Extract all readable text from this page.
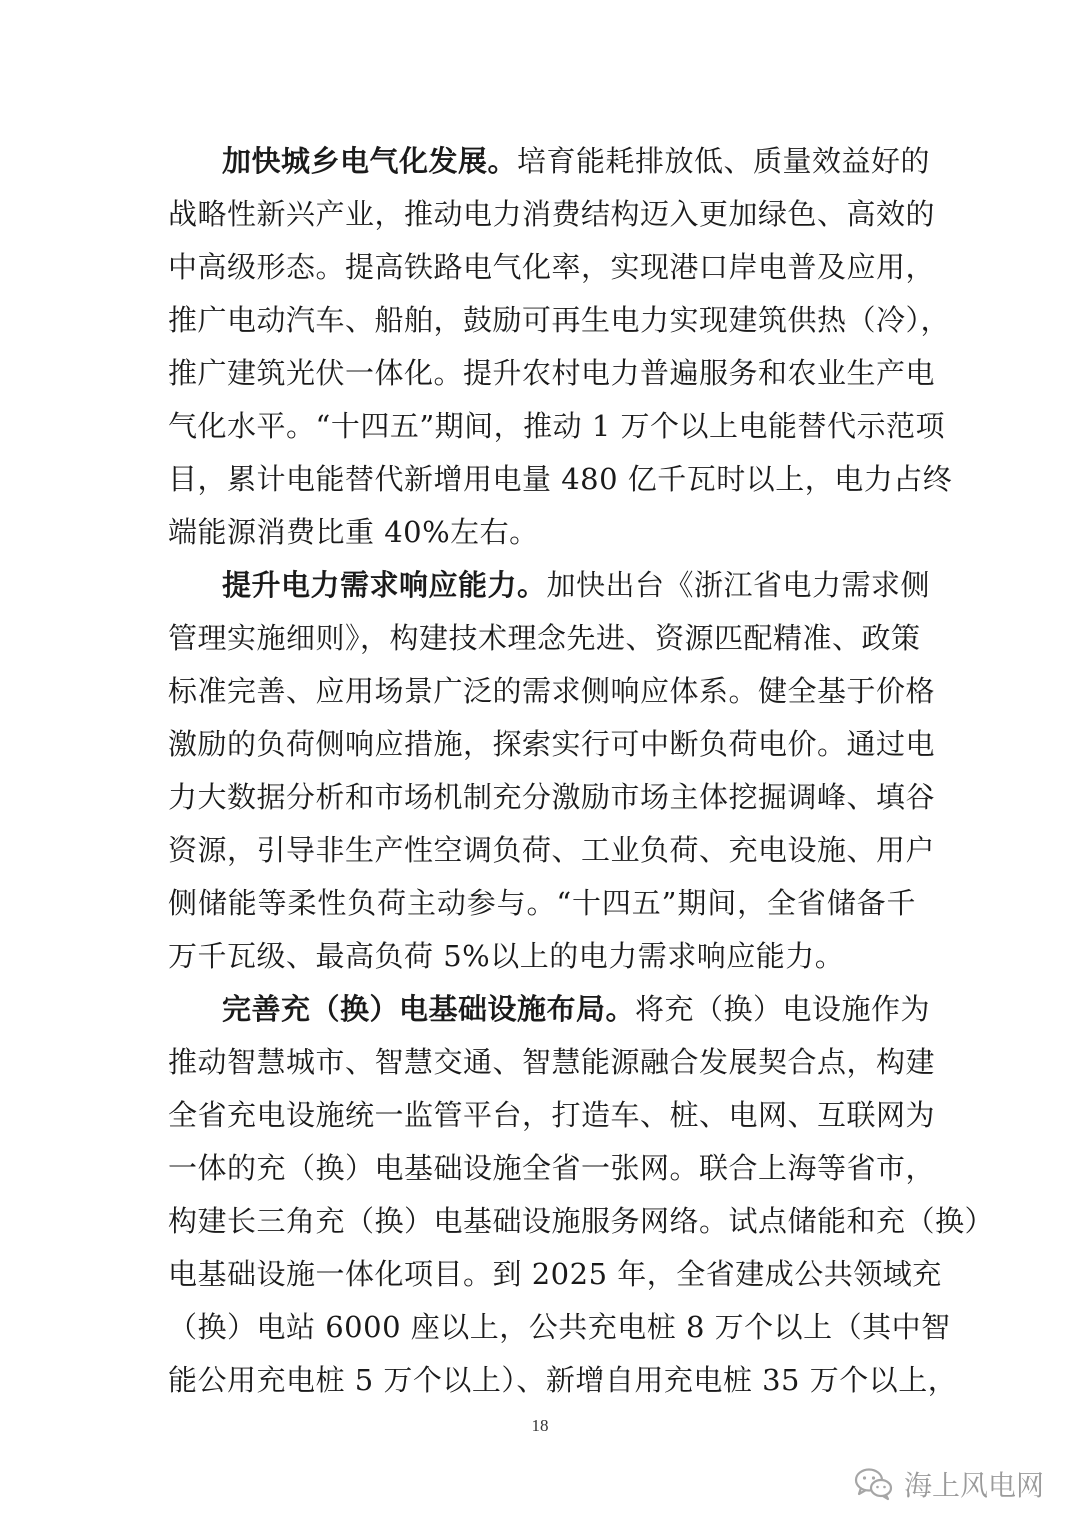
加快城乡电气化发展。培育能耗排放低、质量效益好的
战略性新兴产业，推动电力消费结构迈入更加绿色、高效的
中高级形态。提高铁路电气化率，实现港口岸电普及应用，
推广电动汽车、船舶，鼓励可再生电力实现建筑供热（冷），
推广建筑光伏一体化。提升农村电力普遍服务和农业生产电
气化水平。“十四五”期间，推动 1 万个以上电能替代示范项
目，累计电能替代新增用电量 480 亿千瓦时以上，电力占终
端能源消费比重 40%左右。
提升电力需求响应能力。加快出台《浙江省电力需求侧
管理实施细则》，构建技术理念先进、资源匹配精准、政策
标准完善、应用场景广泛的需求侧响应体系。健全基于价格
激励的负荷侧响应措施，探索实行可中断负荷电价。通过电
力大数据分析和市场机制充分激励市场主体挖掘调峰、填谷
资源，引导非生产性空调负荷、工业负荷、充电设施、用户
侧储能等柔性负荷主动参与。“十四五”期间，全省储备千
万千瓦级、最高负荷 5%以上的电力需求响应能力。
完善充（换）电基础设施布局。将充（换）电设施作为
推动智慧城市、智慧交通、智慧能源融合发展契合点，构建
全省充电设施统一监管平台，打造车、桩、电网、互联网为
一体的充（换）电基础设施全省一张网。联合上海等省市，
构建长三角充（换）电基础设施服务网络。试点储能和充（换）
电基础设施一体化项目。到 2025 年，全省建成公共领域充
（换）电站 6000 座以上，公共充电桩 8 万个以上（其中智
能公用充电桩 5 万个以上）、新增自用充电桩 35 万个以上，
18
海上风电网
